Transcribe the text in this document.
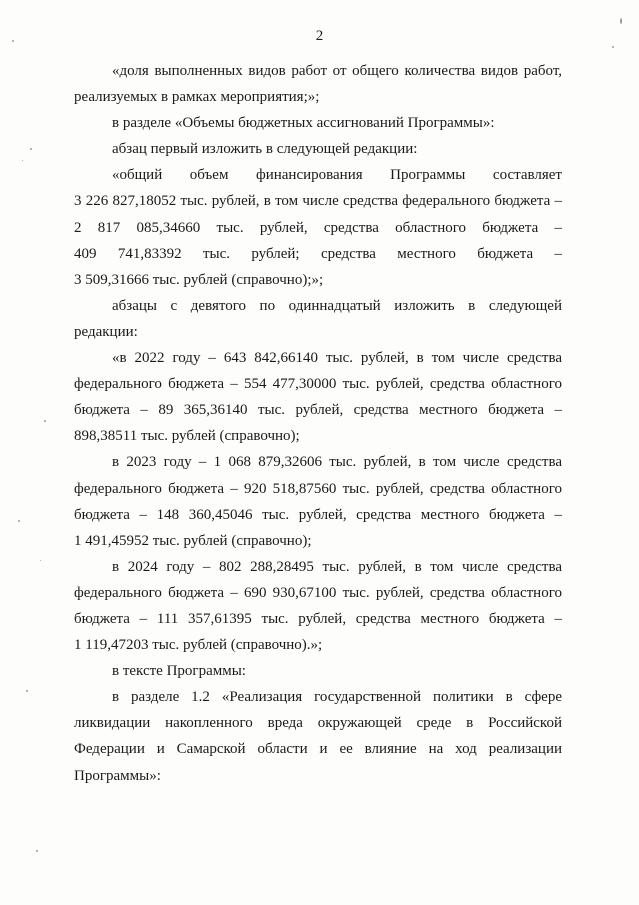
2
«доля выполненных видов работ от общего количества видов работ,
реализуемых в рамках мероприятия;»;
в разделе «Объемы бюджетных ассигнований Программы»:
абзац первый изложить в следующей редакции:
«общий объем финансирования Программы составляет
3 226 827,18052 тыс. рублей, в том числе средства федерального бюджета –
2 817 085,34660 тыс. рублей, средства областного бюджета –
409 741,83392 тыс. рублей; средства местного бюджета –
3 509,31666 тыс. рублей (справочно);»;
абзацы с девятого по одиннадцатый изложить в следующей
редакции:
«в 2022 году – 643 842,66140 тыс. рублей, в том числе средства
федерального бюджета – 554 477,30000 тыс. рублей, средства областного
бюджета – 89 365,36140 тыс. рублей, средства местного бюджета –
898,38511 тыс. рублей (справочно);
в 2023 году – 1 068 879,32606 тыс. рублей, в том числе средства
федерального бюджета – 920 518,87560 тыс. рублей, средства областного
бюджета – 148 360,45046 тыс. рублей, средства местного бюджета –
1 491,45952 тыс. рублей (справочно);
в 2024 году – 802 288,28495 тыс. рублей, в том числе средства
федерального бюджета – 690 930,67100 тыс. рублей, средства областного
бюджета – 111 357,61395 тыс. рублей, средства местного бюджета –
1 119,47203 тыс. рублей (справочно).»;
в тексте Программы:
в разделе 1.2 «Реализация государственной политики в сфере
ликвидации накопленного вреда окружающей среде в Российской
Федерации и Самарской области и ее влияние на ход реализации
Программы»:
